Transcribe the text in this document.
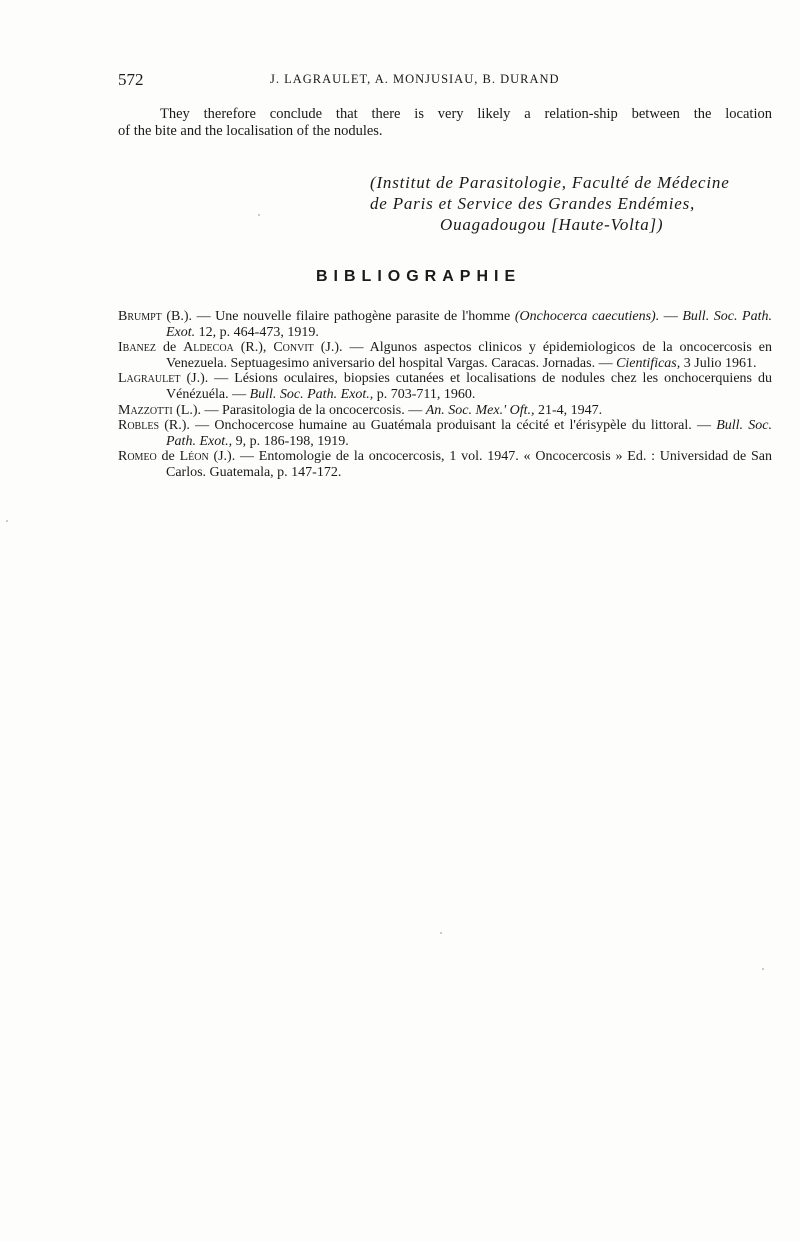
572	J. LAGRAULET, A. MONJUSIAU, B. DURAND
They therefore conclude that there is very likely a relation-ship between the location
of the bite and the localisation of the nodules.
(Institut de Parasitologie, Faculté de Médecine
de Paris et Service des Grandes Endémies,
Ouagadougou [Haute-Volta])
BIBLIOGRAPHIE

Brumpt (B.). — Une nouvelle filaire pathogène parasite de l'homme (Onchocerca caecutiens). — Bull. Soc. Path. Exot. 12, p. 464-473, 1919.

Ibanez de Aldecoa (R.), Convit (J.). — Algunos aspectos clinicos y épidemiologicos de la oncocercosis en Venezuela. Septuagesimo aniversario del hospital Vargas. Caracas. Jornadas. — Cientificas, 3 Julio 1961.

Lagraulet (J.). — Lésions oculaires, biopsies cutanées et localisations de nodules chez les onchocerquiens du Vénézuéla. — Bull. Soc. Path. Exot., p. 703-711, 1960.

Mazzotti (L.). — Parasitologia de la oncocercosis. — An. Soc. Mex.' Oft., 21-4, 1947.

Robles (R.). — Onchocercose humaine au Guatémala produisant la cécité et l'érisypèle du littoral. — Bull. Soc. Path. Exot., 9, p. 186-198, 1919.

Romeo de Léon (J.). — Entomologie de la oncocercosis, 1 vol. 1947. « Oncocercosis » Ed. : Universidad de San Carlos. Guatemala, p. 147-172.
